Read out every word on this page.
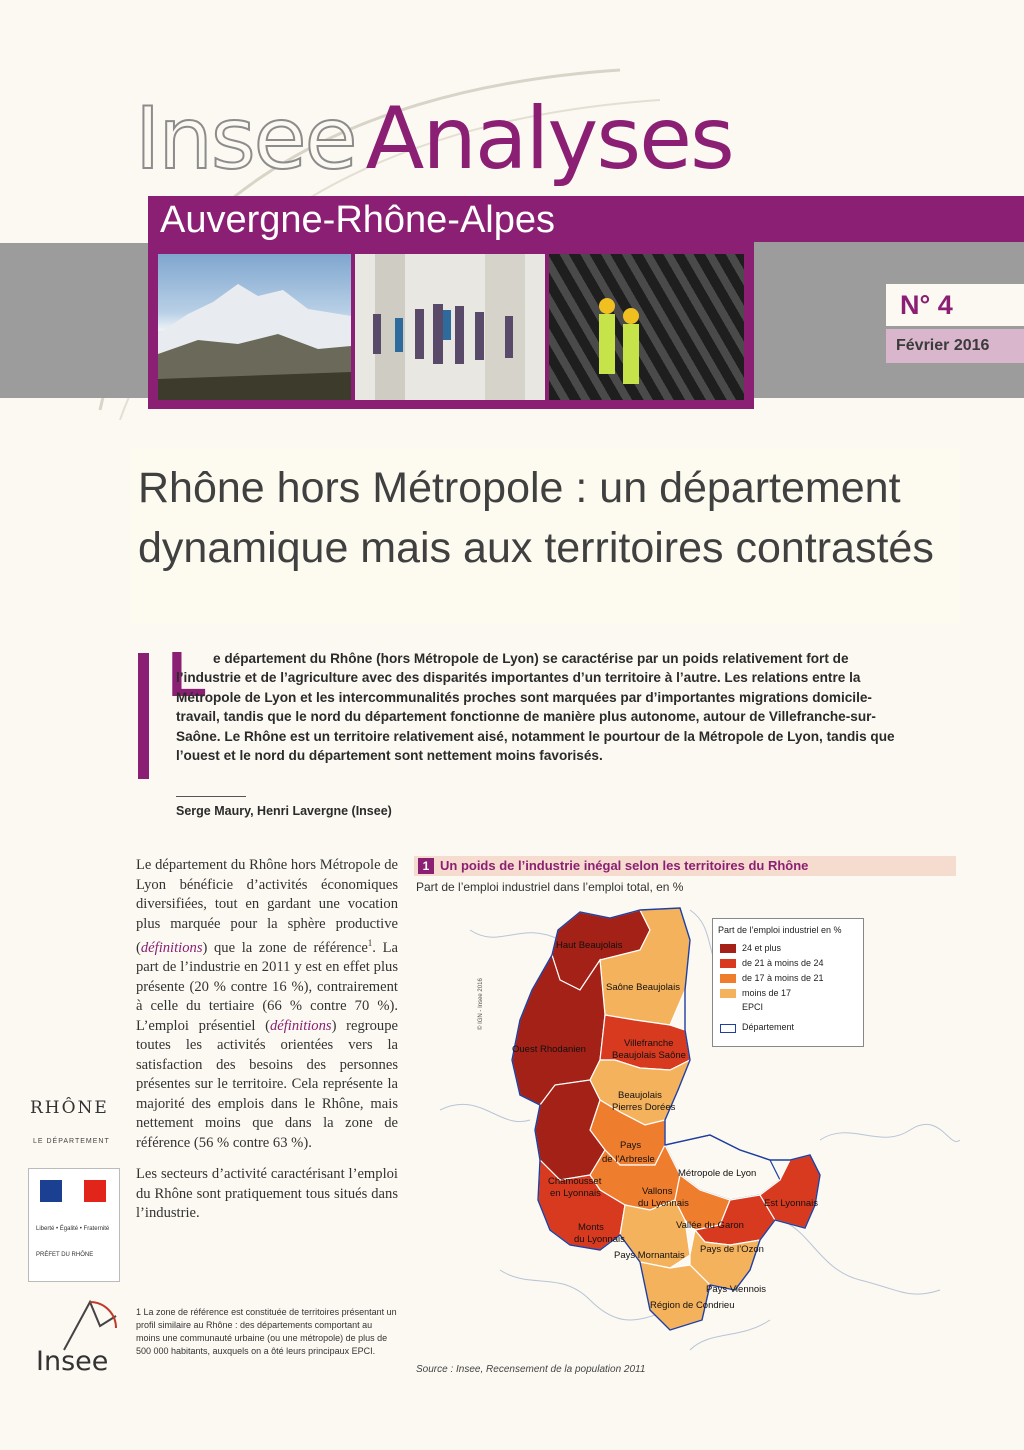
Insee Analyses
Auvergne-Rhône-Alpes
N° 4
Février 2016
Rhône hors Métropole : un département dynamique mais aux territoires contrastés
L e département du Rhône (hors Métropole de Lyon) se caractérise par un poids relativement fort de l’industrie et de l’agriculture avec des disparités importantes d’un territoire à l’autre. Les relations entre la Métropole de Lyon et les intercommunalités proches sont marquées par d’importantes migrations domicile-travail, tandis que le nord du département fonctionne de manière plus autonome, autour de Villefranche-sur-Saône. Le Rhône est un territoire relativement aisé, notamment le pourtour de la Métropole de Lyon, tandis que l’ouest et le nord du département sont nettement moins favorisés.
Serge Maury, Henri Lavergne (Insee)

Le département du Rhône hors Métropole de Lyon bénéficie d’activités économiques diversifiées, tout en gardant une vocation plus marquée pour la sphère productive (définitions) que la zone de référence$^1$. La part de l’industrie en 2011 y est en effet plus présente (20 % contre 16 %), contrairement à celle du tertiaire (66 % contre 70 %). L’emploi présentiel (définitions) regroupe toutes les activités orientées vers la satisfaction des besoins des personnes présentes sur le territoire. Cela représente la majorité des emplois dans le Rhône, mais nettement moins que dans la zone de référence (56 % contre 63 %).

Les secteurs d’activité caractérisant l’emploi du Rhône sont pratiquement tous situés dans l’industrie.

1 La zone de référence est constituée de territoires présentant un profil similaire au Rhône : des départements comportant au moins une communauté urbaine (ou une métropole) de plus de 500 000 habitants, auxquels on a ôté leurs principaux EPCI.
RHÔNE
LE DÉPARTEMENT
Liberté • Égalité • Fraternité
PRÉFET DU RHÔNE
Insee
1 Un poids de l’industrie inégal selon les territoires du Rhône
Part de l’emploi industriel dans l’emploi total, en %
© IGN - Insee 2016
Haut Beaujolais
Saône Beaujolais
Ouest Rhodanien
Villefranche
Beaujolais Saône
Beaujolais
Pierres Dorées
Pays
de l’Arbresle
Chamousset
en Lyonnais	Vallons
du Lyonnais
Monts
du Lyonnais
Pays Mornantais
Vallée du Garon
Pays de l’Ozon
Est Lyonnais
Métropole de Lyon
Pays Viennois
Région de Condrieu
Part de l’emploi industriel en %
24 et plus
de 21 à moins de 24
de 17 à moins de 21
moins de 17
EPCI
Département
Source : Insee, Recensement de la population 2011
